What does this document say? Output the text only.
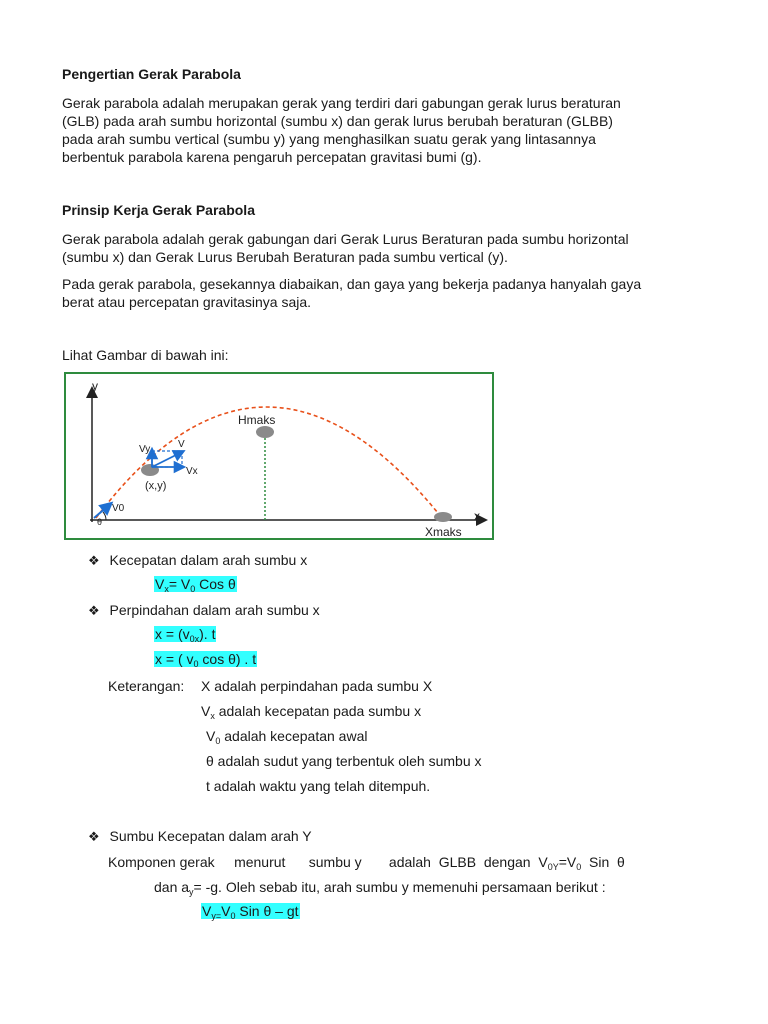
Pengertian Gerak Parabola
Gerak parabola adalah merupakan gerak yang terdiri dari gabungan gerak lurus beraturan
(GLB) pada arah sumbu horizontal (sumbu x) dan gerak lurus berubah beraturan (GLBB)
pada arah sumbu vertical (sumbu y) yang menghasilkan suatu gerak yang lintasannya
berbentuk parabola karena pengaruh percepatan gravitasi bumi (g).
Prinsip Kerja Gerak Parabola
Gerak parabola adalah gerak gabungan dari Gerak Lurus Beraturan pada sumbu horizontal
(sumbu x) dan Gerak Lurus Berubah Beraturan pada sumbu vertical (y).
Pada gerak parabola, gesekannya diabaikan, dan gaya yang bekerja padanya hanyalah gaya
berat atau percepatan gravitasinya saja.
Lihat Gambar di bawah ini:
y
x
Vy	V
Vx
(x,y)
V0
θ
Hmaks
Xmaks
❖ Kecepatan dalam arah sumbu x
$V_x= V_0$ Cos θ
❖ Perpindahan dalam arah sumbu x
$x = (v_{0x})$. t
x = ( $v_0$ cos θ) . t
Keterangan: X adalah perpindahan pada sumbu X
$V_x$ adalah kecepatan pada sumbu x
$V_0$ adalah kecepatan awal
θ adalah sudut yang terbentuk oleh sumbu x
t adalah waktu yang telah ditempuh.
❖ Sumbu Kecepatan dalam arah Y
Komponen gerak     menurut      sumbu y       adalah  GLBB  dengan  $V_{0Y}=V_0$  Sin  θ
dan $a_y= -g$. Oleh sebab itu, arah sumbu y memenuhi persamaan berikut :
$V_{y=}V_0$ Sin θ – gt
